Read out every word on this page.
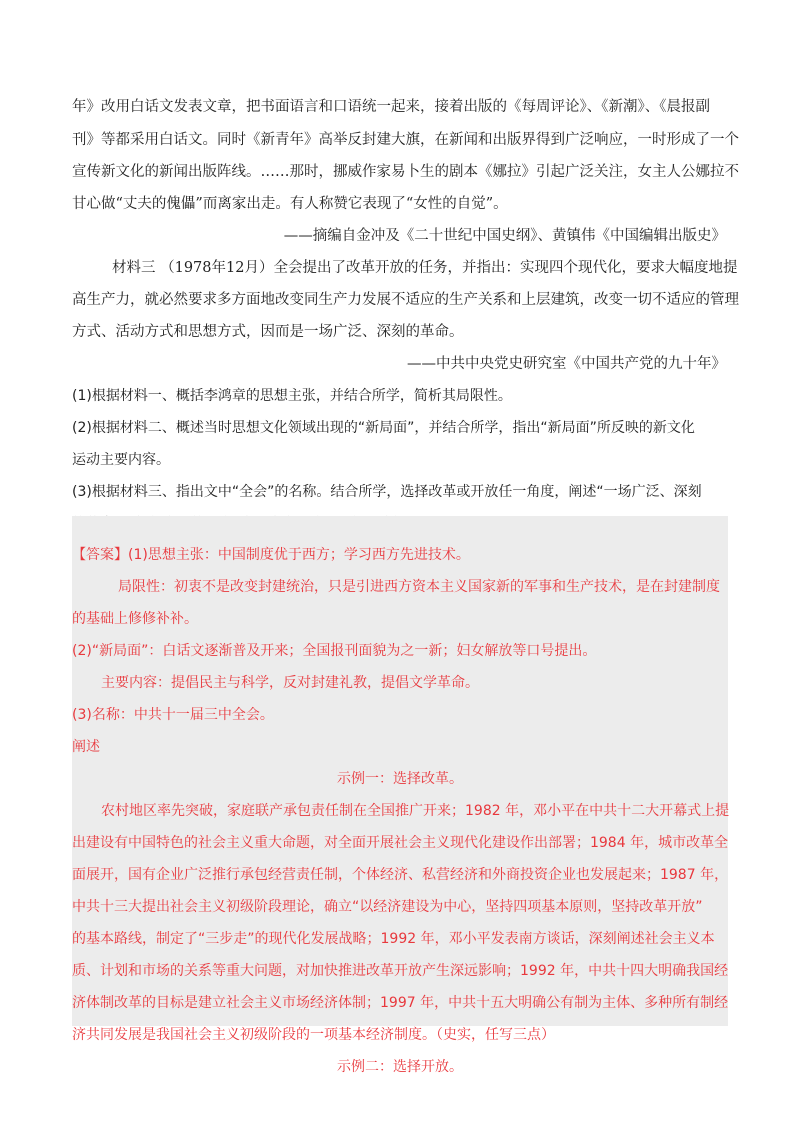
年》改用白话文发表文章，把书面语言和口语统一起来，接着出版的《每周评论》、《新潮》、《晨报副
刊》等都采用白话文。同时《新青年》高举反封建大旗，在新闻和出版界得到广泛响应，一时形成了一个
宣传新文化的新闻出版阵线。……那时，挪威作家易卜生的剧本《娜拉》引起广泛关注，女主人公娜拉不
甘心做“丈夫的傀儡”而离家出走。有人称赞它表现了“女性的自觉”。
——摘编自金冲及《二十世纪中国史纲》、黄镇伟《中国编辑出版史》
材料三 （1978年12月）全会提出了改革开放的任务，并指出：实现四个现代化，要求大幅度地提
高生产力，就必然要求多方面地改变同生产力发展不适应的生产关系和上层建筑，改变一切不适应的管理
方式、活动方式和思想方式，因而是一场广泛、深刻的革命。
——中共中央党史研究室《中国共产党的九十年》
(1)根据材料一、概括李鸿章的思想主张，并结合所学，简析其局限性。
(2)根据材料二、概述当时思想文化领域出现的“新局面”，并结合所学，指出“新局面”所反映的新文化
运动主要内容。
(3)根据材料三、指出文中“全会”的名称。结合所学，选择改革或开放任一角度，阐述“一场广泛、深刻
【答案】(1)思想主张：中国制度优于西方；学习西方先进技术。
局限性：初衷不是改变封建统治，只是引进西方资本主义国家新的军事和生产技术，是在封建制度
的基础上修修补补。
(2)“新局面”：白话文逐渐普及开来；全国报刊面貌为之一新；妇女解放等口号提出。
主要内容：提倡民主与科学，反对封建礼教，提倡文学革命。
(3)名称：中共十一届三中全会。
阐述
示例一：选择改革。
农村地区率先突破，家庭联产承包责任制在全国推广开来；1982 年，邓小平在中共十二大开幕式上提
出建设有中国特色的社会主义重大命题，对全面开展社会主义现代化建设作出部署；1984 年，城市改革全
面展开，国有企业广泛推行承包经营责任制，个体经济、私营经济和外商投资企业也发展起来；1987 年，
中共十三大提出社会主义初级阶段理论，确立“以经济建设为中心，坚持四项基本原则，坚持改革开放”
的基本路线，制定了“三步走”的现代化发展战略；1992 年，邓小平发表南方谈话，深刻阐述社会主义本
质、计划和市场的关系等重大问题，对加快推进改革开放产生深远影响；1992 年，中共十四大明确我国经
济体制改革的目标是建立社会主义市场经济体制；1997 年，中共十五大明确公有制为主体、多种所有制经
济共同发展是我国社会主义初级阶段的一项基本经济制度。（史实，任写三点）
示例二：选择开放。
